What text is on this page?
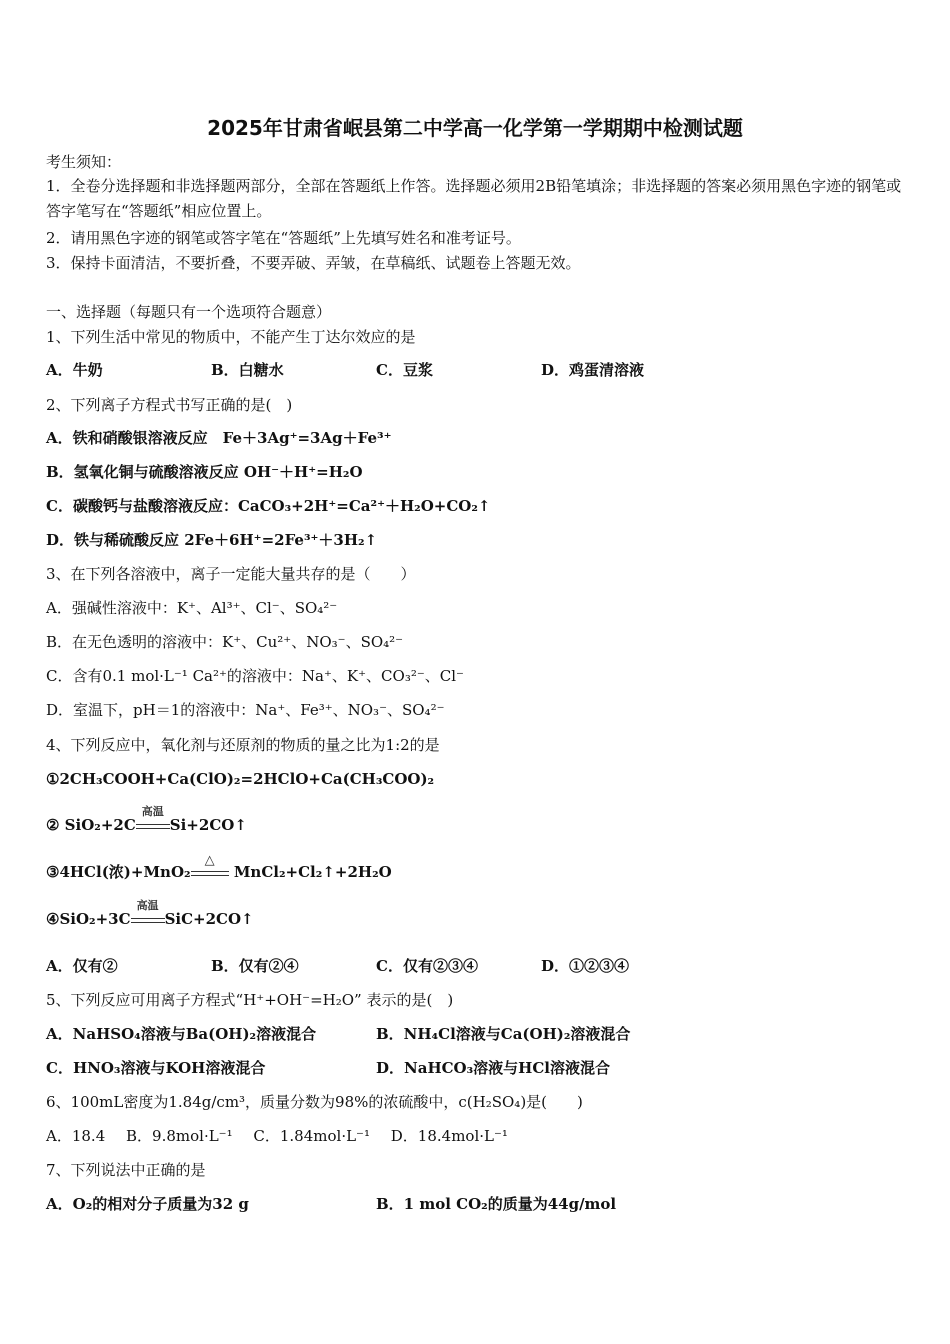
2025年甘肃省岷县第二中学高一化学第一学期期中检测试题
考生须知：
1．全卷分选择题和非选择题两部分，全部在答题纸上作答。选择题必须用2B铅笔填涂；非选择题的答案必须用黑色字迹的钢笔或答字笔写在“答题纸”相应位置上。
2．请用黑色字迹的钢笔或答字笔在“答题纸”上先填写姓名和准考证号。
3．保持卡面清洁，不要折叠，不要弄破、弄皱，在草稿纸、试题卷上答题无效。
一、选择题（每题只有一个选项符合题意）
1、下列生活中常见的物质中，不能产生丁达尔效应的是
A．牛奶	B．白糖水	C．豆浆	D．鸡蛋清溶液
2、下列离子方程式书写正确的是(　)
A．铁和硝酸银溶液反应　Fe＋3Ag⁺=3Ag＋Fe³⁺
B．氢氧化铜与硫酸溶液反应 OH⁻＋H⁺=H₂O
C．碳酸钙与盐酸溶液反应：CaCO₃+2H⁺=Ca²⁺＋H₂O+CO₂↑
D．铁与稀硫酸反应 2Fe＋6H⁺=2Fe³⁺＋3H₂↑
3、在下列各溶液中，离子一定能大量共存的是（　　）
A．强碱性溶液中：K⁺、Al³⁺、Cl⁻、SO₄²⁻
B．在无色透明的溶液中：K⁺、Cu²⁺、NO₃⁻、SO₄²⁻
C．含有0.1 mol·L⁻¹ Ca²⁺的溶液中：Na⁺、K⁺、CO₃²⁻、Cl⁻
D．室温下，pH＝1的溶液中：Na⁺、Fe³⁺、NO₃⁻、SO₄²⁻
4、下列反应中，氧化剂与还原剂的物质的量之比为1:2的是
①2CH₃COOH+Ca(ClO)₂=2HClO+Ca(CH₃COO)₂
② SiO₂+2C
高温
Si+2CO↑
③4HCl(浓)+MnO₂
△
MnCl₂+Cl₂↑+2H₂O
④SiO₂+3C
高温
SiC+2CO↑
A．仅有②	B．仅有②④	C．仅有②③④	D．①②③④
5、下列反应可用离子方程式“H⁺+OH⁻=H₂O” 表示的是(　)
A．NaHSO₄溶液与Ba(OH)₂溶液混合	B．NH₄Cl溶液与Ca(OH)₂溶液混合
C．HNO₃溶液与KOH溶液混合	D．NaHCO₃溶液与HCl溶液混合
6、100mL密度为1.84g/cm³，质量分数为98%的浓硫酸中，c(H₂SO₄)是(　　)
A．18.4 B．9.8mol·L⁻¹ C．1.84mol·L⁻¹ D．18.4mol·L⁻¹
7、下列说法中正确的是
A．O₂的相对分子质量为32 g	B．1 mol CO₂的质量为44g/mol
